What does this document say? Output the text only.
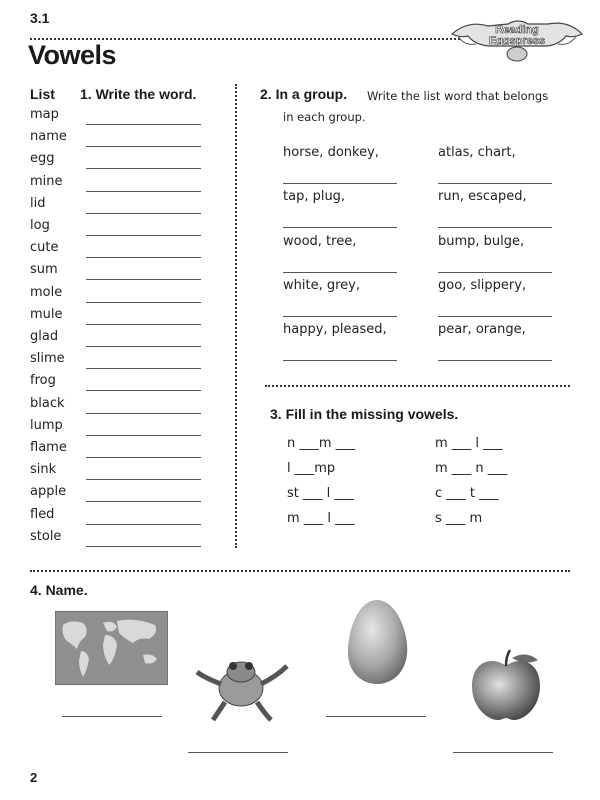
3.1
Vowels
Reading
Eggspress
List 1. Write the word.
map
name
egg
mine
lid
log
cute
sum
mole
mule
glad
slime
frog
black
lump
flame
sink
apple
fled
stole
2. In a group. Write the list word that belongs
in each group.
horse, donkey,	atlas, chart,
tap, plug,	run, escaped,
wood, tree,	bump, bulge,
white, grey,	goo, slippery,
happy, pleased,	pear, orange,
3. Fill in the missing vowels.
n ___m ___	m ___ l ___
l ___mp	m ___ n ___
st ___ l ___	c ___ t ___
m ___ l ___	s ___ m
4. Name.
2
